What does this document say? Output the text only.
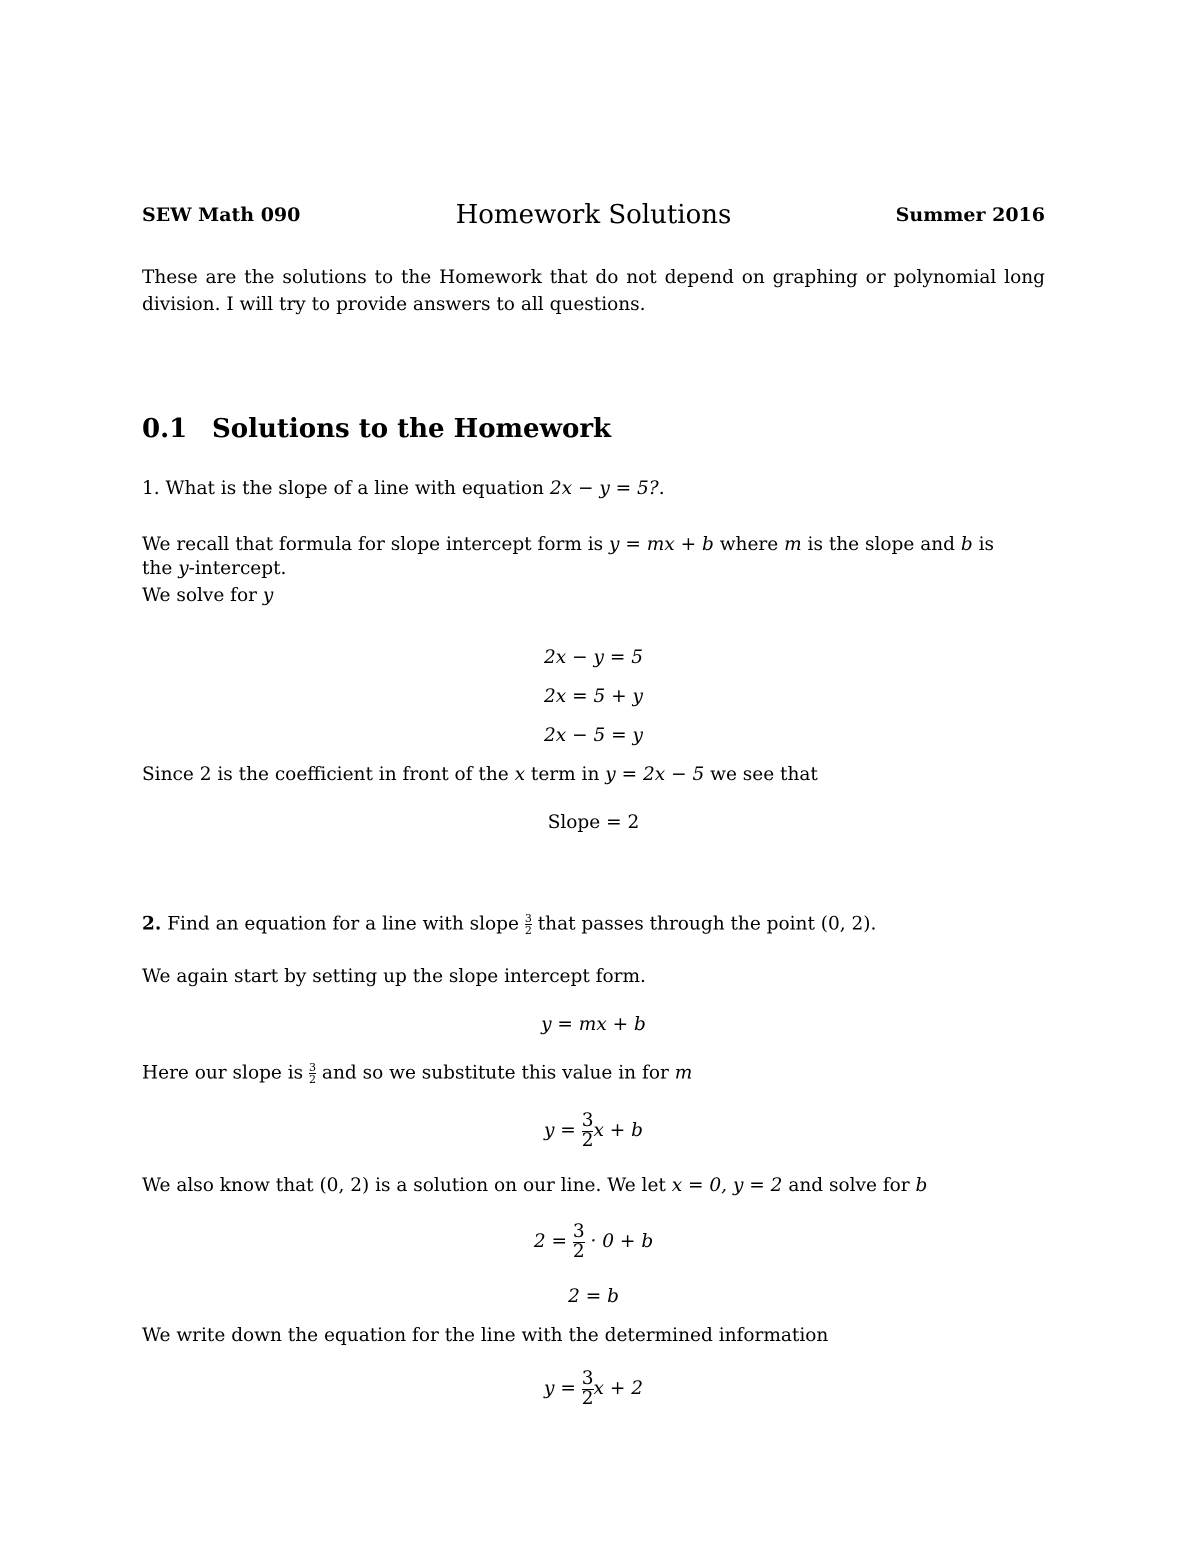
SEW Math 090	Homework Solutions	Summer 2016
These are the solutions to the Homework that do not depend on graphing or polynomial long division. I will try to provide answers to all questions.
0.1 Solutions to the Homework
1. What is the slope of a line with equation 2x − y = 5?.
We recall that formula for slope intercept form is y = mx + b where m is the slope and b is
the y-intercept.
We solve for y
2x − y = 5
2x = 5 + y
2x − 5 = y
Since 2 is the coefficient in front of the x term in y = 2x − 5 we see that
Slope = 2
2. Find an equation for a line with slope $\frac{3}{2}$ that passes through the point (0, 2).
We again start by setting up the slope intercept form.
y = mx + b
Here our slope is $\frac{3}{2}$ and so we substitute this value in for m
$y = \frac{3}{2}$ x + b
We also know that (0, 2) is a solution on our line. We let x = 0, y = 2 and solve for b
$2 = \frac{3}{2} \cdot 0 + b$
2 = b
We write down the equation for the line with the determined information
$y = \frac{3}{2}$ x + 2
